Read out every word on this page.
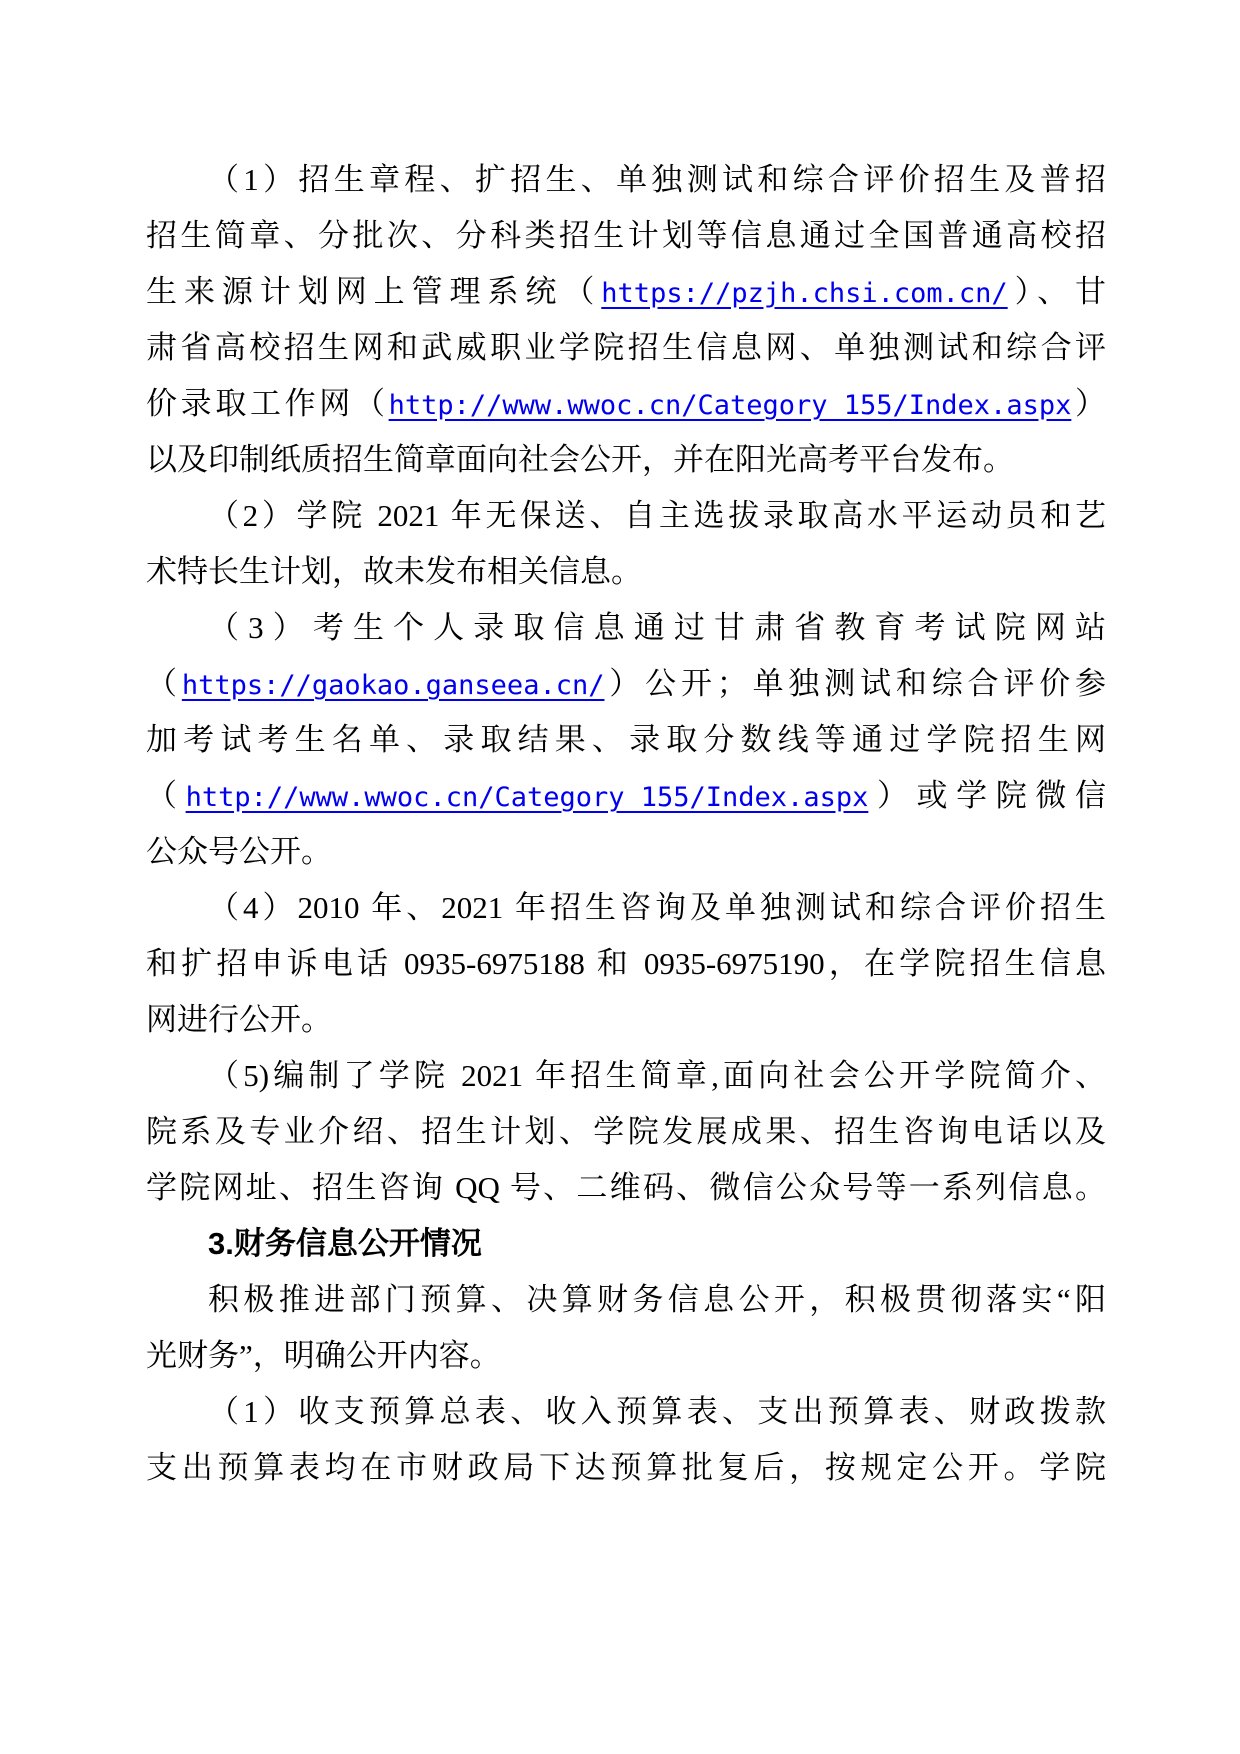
（1）招生章程、扩招生、单独测试和综合评价招生及普招
招生简章、分批次、分科类招生计划等信息通过全国普通高校招
生来源计划网上管理系统（https://pzjh.chsi.com.cn/）、甘
肃省高校招生网和武威职业学院招生信息网、单独测试和综合评
价录取工作网（http://www.wwoc.cn/Category_155/Index.aspx）
以及印制纸质招生简章面向社会公开，并在阳光高考平台发布。
（2）学院 2021 年无保送、自主选拔录取高水平运动员和艺
术特长生计划，故未发布相关信息。
（3）考生个人录取信息通过甘肃省教育考试院网站
（https://gaokao.ganseea.cn/）公开；单独测试和综合评价参
加考试考生名单、录取结果、录取分数线等通过学院招生网
（http://www.wwoc.cn/Category_155/Index.aspx）或学院微信
公众号公开。
（4）2010 年、2021 年招生咨询及单独测试和综合评价招生
和扩招申诉电话 0935-6975188 和 0935-6975190，在学院招生信息
网进行公开。
（5)编制了学院 2021 年招生简章,面向社会公开学院简介、
院系及专业介绍、招生计划、学院发展成果、招生咨询电话以及
学院网址、招生咨询 QQ 号、二维码、微信公众号等一系列信息。
3.财务信息公开情况
积极推进部门预算、决算财务信息公开，积极贯彻落实“阳
光财务”，明确公开内容。
（1）收支预算总表、收入预算表、支出预算表、财政拨款
支出预算表均在市财政局下达预算批复后，按规定公开。学院
